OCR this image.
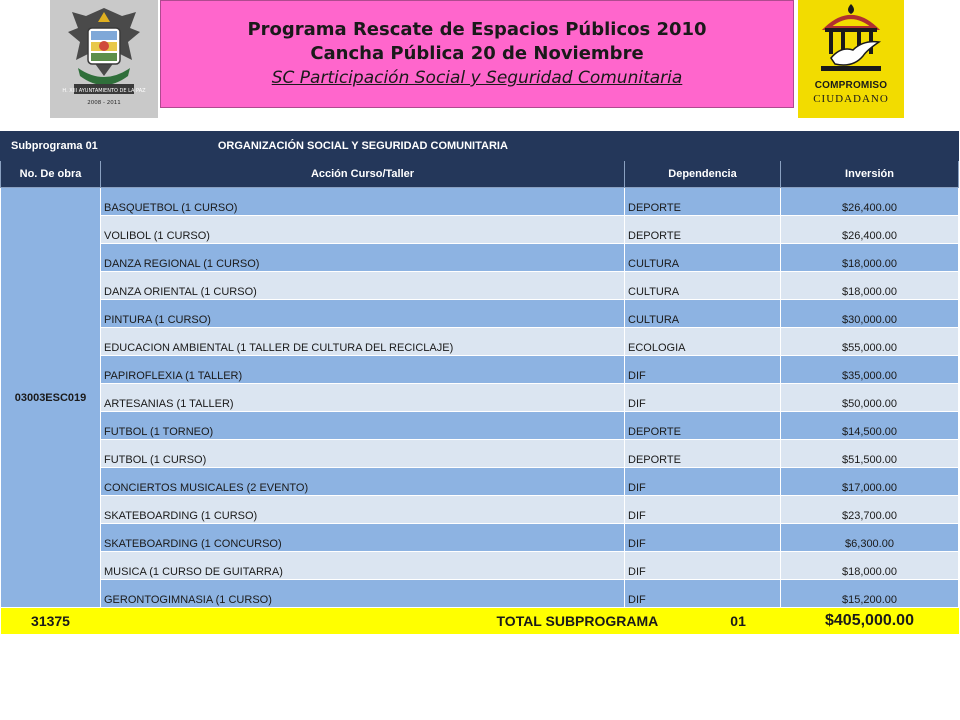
H. XIII AYUNTAMIENTO DE LA PAZ
2008 - 2011

Programa Rescate de Espacios Públicos 2010

Cancha Pública 20 de Noviembre

SC Participación Social y Seguridad Comunitaria	COMPROMISO
CIUDADANO
Subprograma 01 ORGANIZACIÓN SOCIAL Y SEGURIDAD COMUNITARIA			
No. De obra	Acción Curso/Taller	Dependencia	Inversión
03003ESC019	BASQUETBOL (1 CURSO)	DEPORTE	$26,400.00
	VOLIBOL (1 CURSO)	DEPORTE	$26,400.00
	DANZA REGIONAL (1 CURSO)	CULTURA	$18,000.00
	DANZA ORIENTAL (1 CURSO)	CULTURA	$18,000.00
	PINTURA (1 CURSO)	CULTURA	$30,000.00
	EDUCACION AMBIENTAL (1 TALLER DE CULTURA DEL RECICLAJE)	ECOLOGIA	$55,000.00
	PAPIROFLEXIA (1 TALLER)	DIF	$35,000.00
	ARTESANIAS (1 TALLER)	DIF	$50,000.00
	FUTBOL (1 TORNEO)	DEPORTE	$14,500.00
	FUTBOL (1 CURSO)	DEPORTE	$51,500.00
	CONCIERTOS MUSICALES (2 EVENTO)	DIF	$17,000.00
	SKATEBOARDING (1 CURSO)	DIF	$23,700.00
	SKATEBOARDING (1 CONCURSO)	DIF	$6,300.00
	MUSICA (1 CURSO DE GUITARRA)	DIF	$18,000.00
	GERONTOGIMNASIA (1 CURSO)	DIF	$15,200.00
31375	TOTAL SUBPROGRAMA 01		$405,000.00
